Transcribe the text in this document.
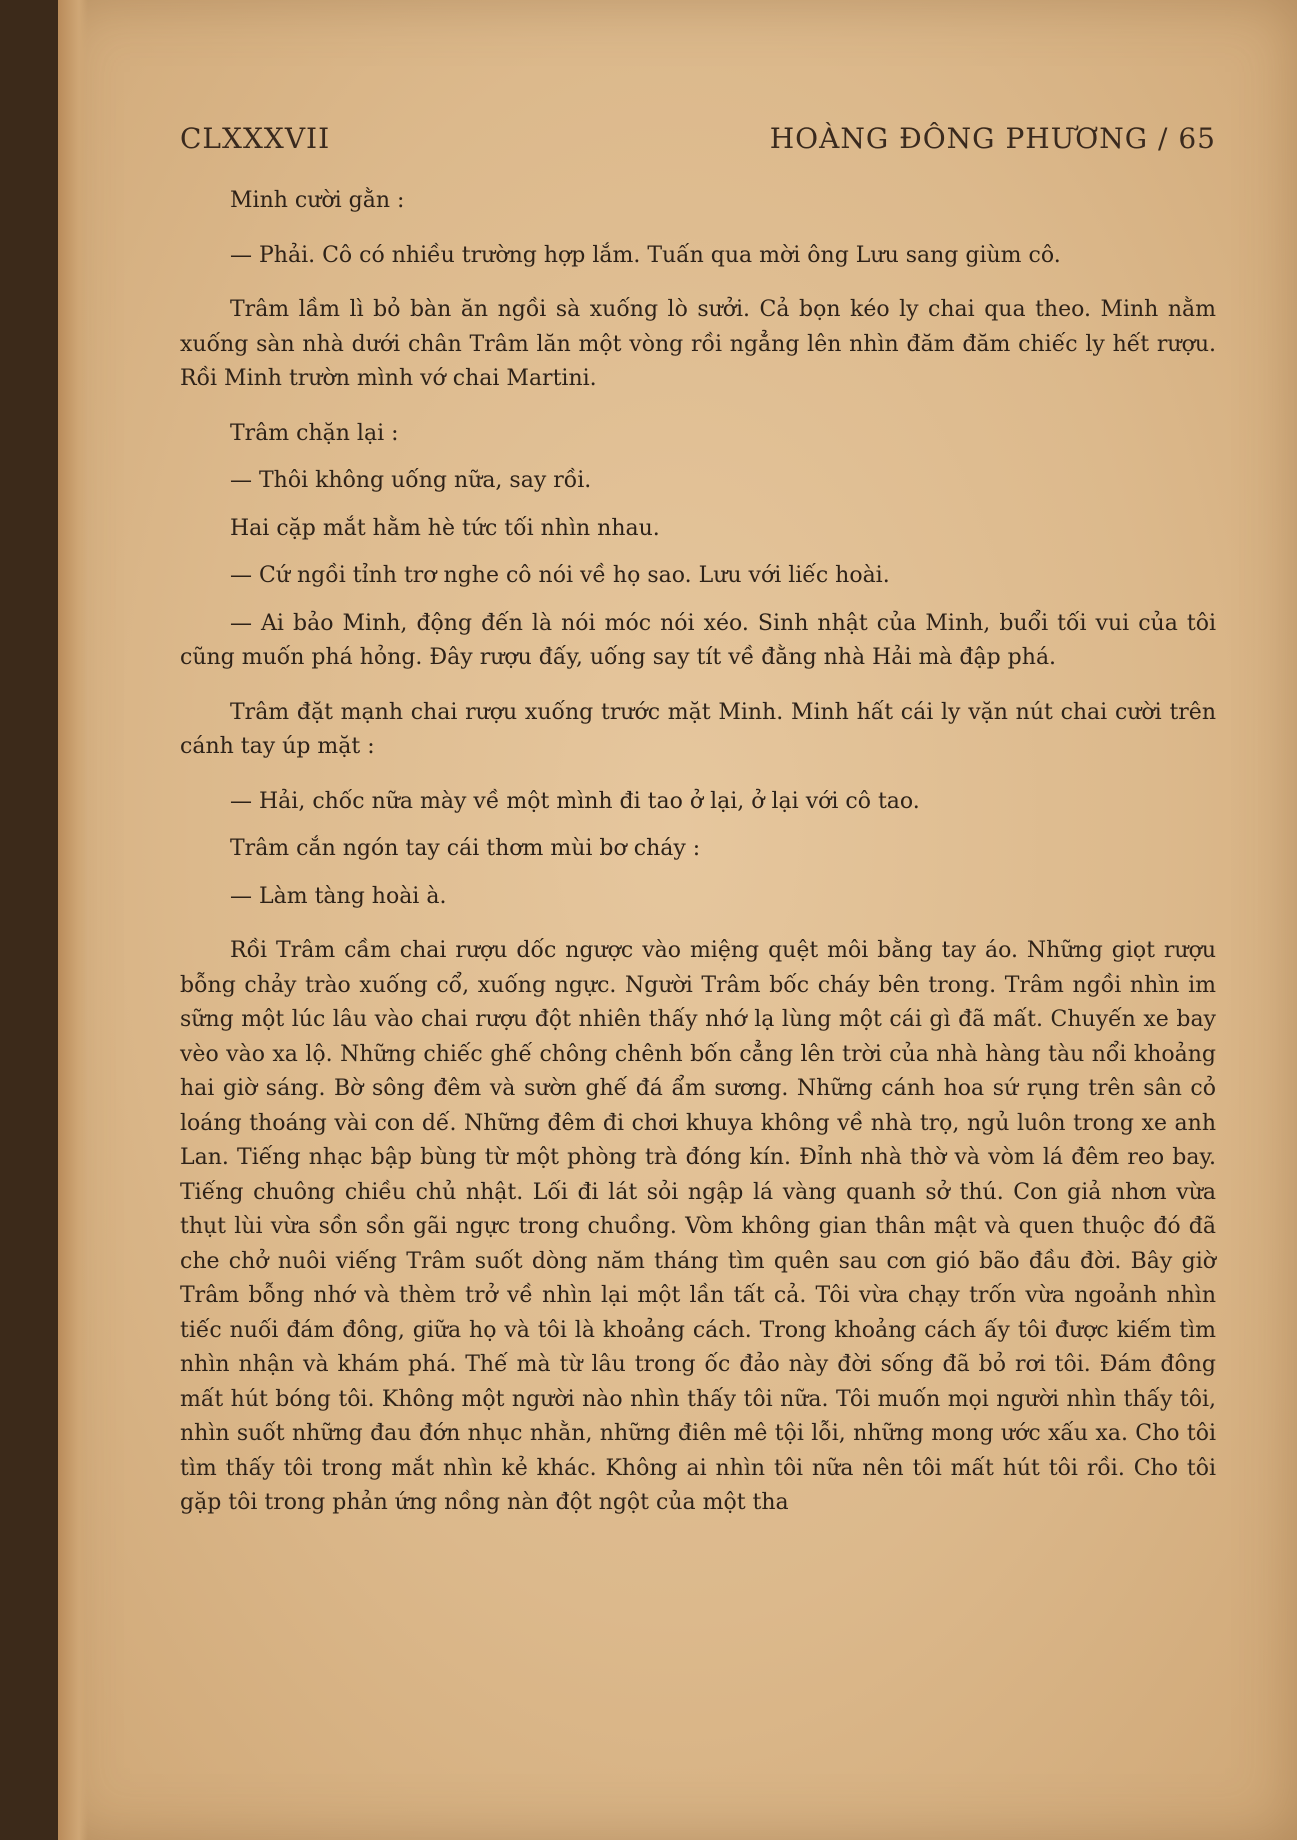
CLXXXVII	HOÀNG ĐÔNG PHƯƠNG / 65

Minh cười gằn :

— Phải. Cô có nhiều trường hợp lắm. Tuấn qua mời ông Lưu sang giùm cô.

Trâm lầm lì bỏ bàn ăn ngồi sà xuống lò sưởi. Cả bọn kéo ly chai qua theo. Minh nằm xuống sàn nhà dưới chân Trâm lăn một vòng rồi ngẳng lên nhìn đăm đăm chiếc ly hết rượu. Rồi Minh trườn mình vớ chai Martini.

Trâm chặn lại :

— Thôi không uống nữa, say rồi.

Hai cặp mắt hằm hè tức tối nhìn nhau.

— Cứ ngồi tỉnh trơ nghe cô nói về họ sao. Lưu với liếc hoài.

— Ai bảo Minh, động đến là nói móc nói xéo. Sinh nhật của Minh, buổi tối vui của tôi cũng muốn phá hỏng. Đây rượu đấy, uống say tít về đằng nhà Hải mà đập phá.

Trâm đặt mạnh chai rượu xuống trước mặt Minh. Minh hất cái ly vặn nút chai cười trên cánh tay úp mặt :

— Hải, chốc nữa mày về một mình đi tao ở lại, ở lại với cô tao.

Trâm cắn ngón tay cái thơm mùi bơ cháy :

— Làm tàng hoài à.

Rồi Trâm cầm chai rượu dốc ngược vào miệng quệt môi bằng tay áo. Những giọt rượu bỗng chảy trào xuống cổ, xuống ngực. Người Trâm bốc cháy bên trong. Trâm ngồi nhìn im sững một lúc lâu vào chai rượu đột nhiên thấy nhớ lạ lùng một cái gì đã mất. Chuyến xe bay vèo vào xa lộ. Những chiếc ghế chông chênh bốn cẳng lên trời của nhà hàng tàu nổi khoảng hai giờ sáng. Bờ sông đêm và sườn ghế đá ẩm sương. Những cánh hoa sứ rụng trên sân cỏ loáng thoáng vài con dế. Những đêm đi chơi khuya không về nhà trọ, ngủ luôn trong xe anh Lan. Tiếng nhạc bập bùng từ một phòng trà đóng kín. Đỉnh nhà thờ và vòm lá đêm reo bay. Tiếng chuông chiều chủ nhật. Lối đi lát sỏi ngập lá vàng quanh sở thú. Con giả nhơn vừa thụt lùi vừa sồn sồn gãi ngực trong chuồng. Vòm không gian thân mật và quen thuộc đó đã che chở nuôi viếng Trâm suốt dòng năm tháng tìm quên sau cơn gió bão đầu đời. Bây giờ Trâm bỗng nhớ và thèm trở về nhìn lại một lần tất cả. Tôi vừa chạy trốn vừa ngoảnh nhìn tiếc nuối đám đông, giữa họ và tôi là khoảng cách. Trong khoảng cách ấy tôi được kiếm tìm nhìn nhận và khám phá. Thế mà từ lâu trong ốc đảo này đời sống đã bỏ rơi tôi. Đám đông mất hút bóng tôi. Không một người nào nhìn thấy tôi nữa. Tôi muốn mọi người nhìn thấy tôi, nhìn suốt những đau đớn nhục nhằn, những điên mê tội lỗi, những mong ước xấu xa. Cho tôi tìm thấy tôi trong mắt nhìn kẻ khác. Không ai nhìn tôi nữa nên tôi mất hút tôi rồi. Cho tôi gặp tôi trong phản ứng nồng nàn đột ngột của một tha
